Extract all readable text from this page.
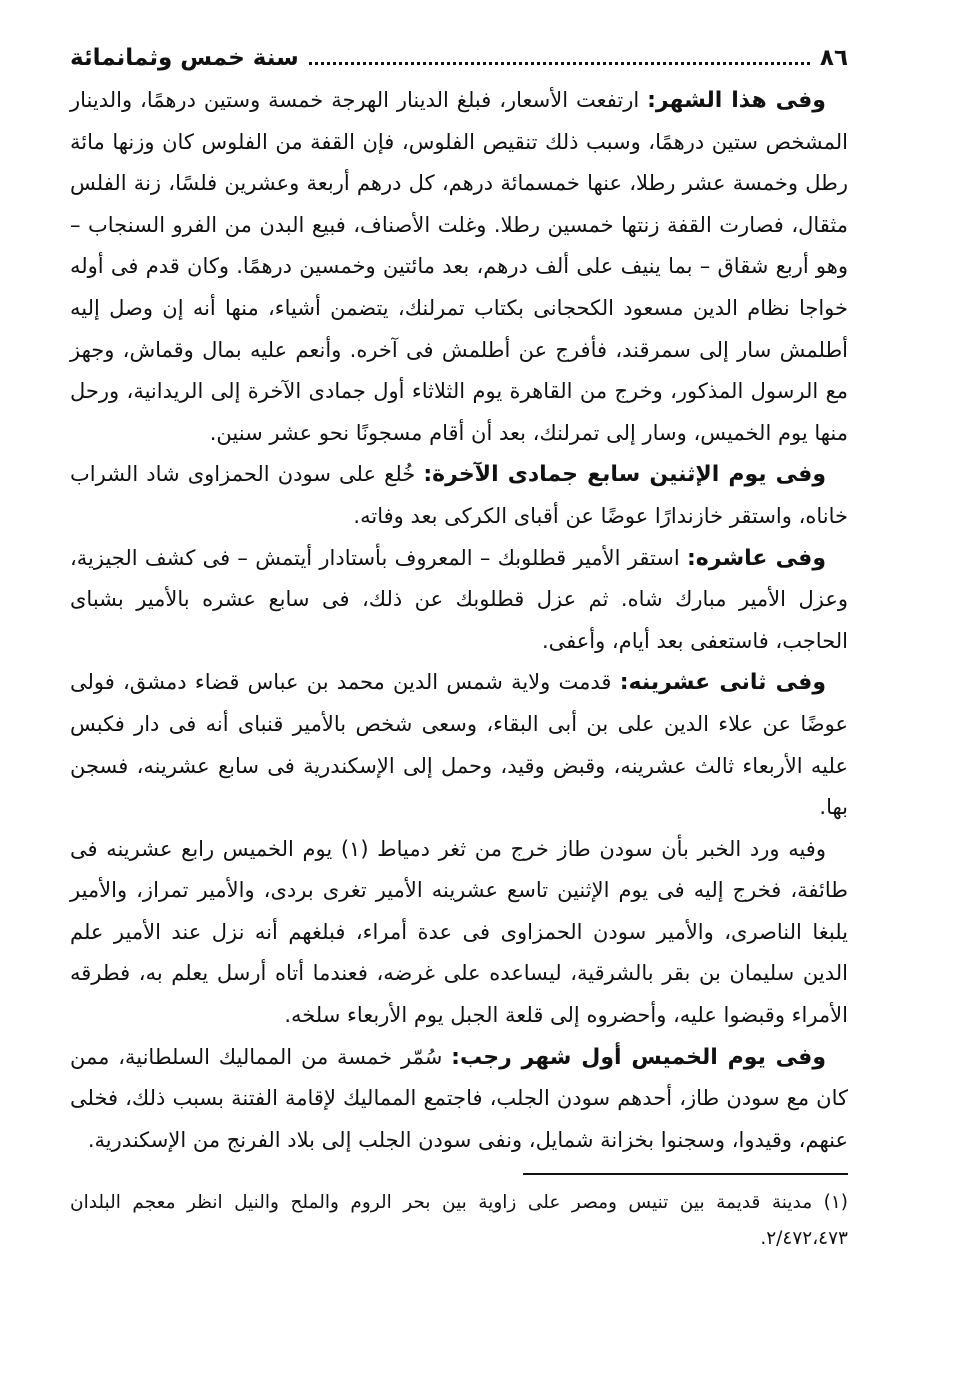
٨٦
سنة خمس وثمانمائة

وفى هذا الشهر: ارتفعت الأسعار، فبلغ الدينار الهرجة خمسة وستين درهمًا، والدينار المشخص ستين درهمًا، وسبب ذلك تنقيص الفلوس، فإن القفة من الفلوس كان وزنها مائة رطل وخمسة عشر رطلا، عنها خمسمائة درهم، كل درهم أربعة وعشرين فلسًا، زنة الفلس مثقال، فصارت القفة زنتها خمسين رطلا. وغلت الأصناف، فبيع البدن من الفرو السنجاب – وهو أربع شقاق – بما ينيف على ألف درهم، بعد مائتين وخمسين درهمًا. وكان قدم فى أوله خواجا نظام الدين مسعود الكحجانى بكتاب تمرلنك، يتضمن أشياء، منها أنه إن وصل إليه أطلمش سار إلى سمرقند، فأفرج عن أطلمش فى آخره. وأنعم عليه بمال وقماش، وجهز مع الرسول المذكور، وخرج من القاهرة يوم الثلاثاء أول جمادى الآخرة إلى الريدانية، ورحل منها يوم الخميس، وسار إلى تمرلنك، بعد أن أقام مسجونًا نحو عشر سنين.

وفى يوم الإثنين سابع جمادى الآخرة: خُلع على سودن الحمزاوى شاد الشراب خاناه، واستقر خازندارًا عوضًا عن أقباى الكركى بعد وفاته.

وفى عاشره: استقر الأمير قطلوبك – المعروف بأستادار أيتمش – فى كشف الجيزية، وعزل الأمير مبارك شاه. ثم عزل قطلوبك عن ذلك، فى سابع عشره بالأمير بشباى الحاجب، فاستعفى بعد أيام، وأعفى.

وفى ثانى عشرينه: قدمت ولاية شمس الدين محمد بن عباس قضاء دمشق، فولى عوضًا عن علاء الدين على بن أبى البقاء، وسعى شخص بالأمير قنباى أنه فى دار فكبس عليه الأربعاء ثالث عشرينه، وقبض وقيد، وحمل إلى الإسكندرية فى سابع عشرينه، فسجن بها.

وفيه ورد الخبر بأن سودن طاز خرج من ثغر دمياط (١) يوم الخميس رابع عشرينه فى طائفة، فخرج إليه فى يوم الإثنين تاسع عشرينه الأمير تغرى بردى، والأمير تمراز، والأمير يلبغا الناصرى، والأمير سودن الحمزاوى فى عدة أمراء، فبلغهم أنه نزل عند الأمير علم الدين سليمان بن بقر بالشرقية، ليساعده على غرضه، فعندما أتاه أرسل يعلم به، فطرقه الأمراء وقبضوا عليه، وأحضروه إلى قلعة الجبل يوم الأربعاء سلخه.

وفى يوم الخميس أول شهر رجب: سُمّر خمسة من المماليك السلطانية، ممن كان مع سودن طاز، أحدهم سودن الجلب، فاجتمع المماليك لإقامة الفتنة بسبب ذلك، فخلى عنهم، وقيدوا، وسجنوا بخزانة شمايل، ونفى سودن الجلب إلى بلاد الفرنج من الإسكندرية.

(١) مدينة قديمة بين تنيس ومصر على زاوية بين بحر الروم والملح والنيل انظر معجم البلدان ٢/٤٧٢،٤٧٣.
